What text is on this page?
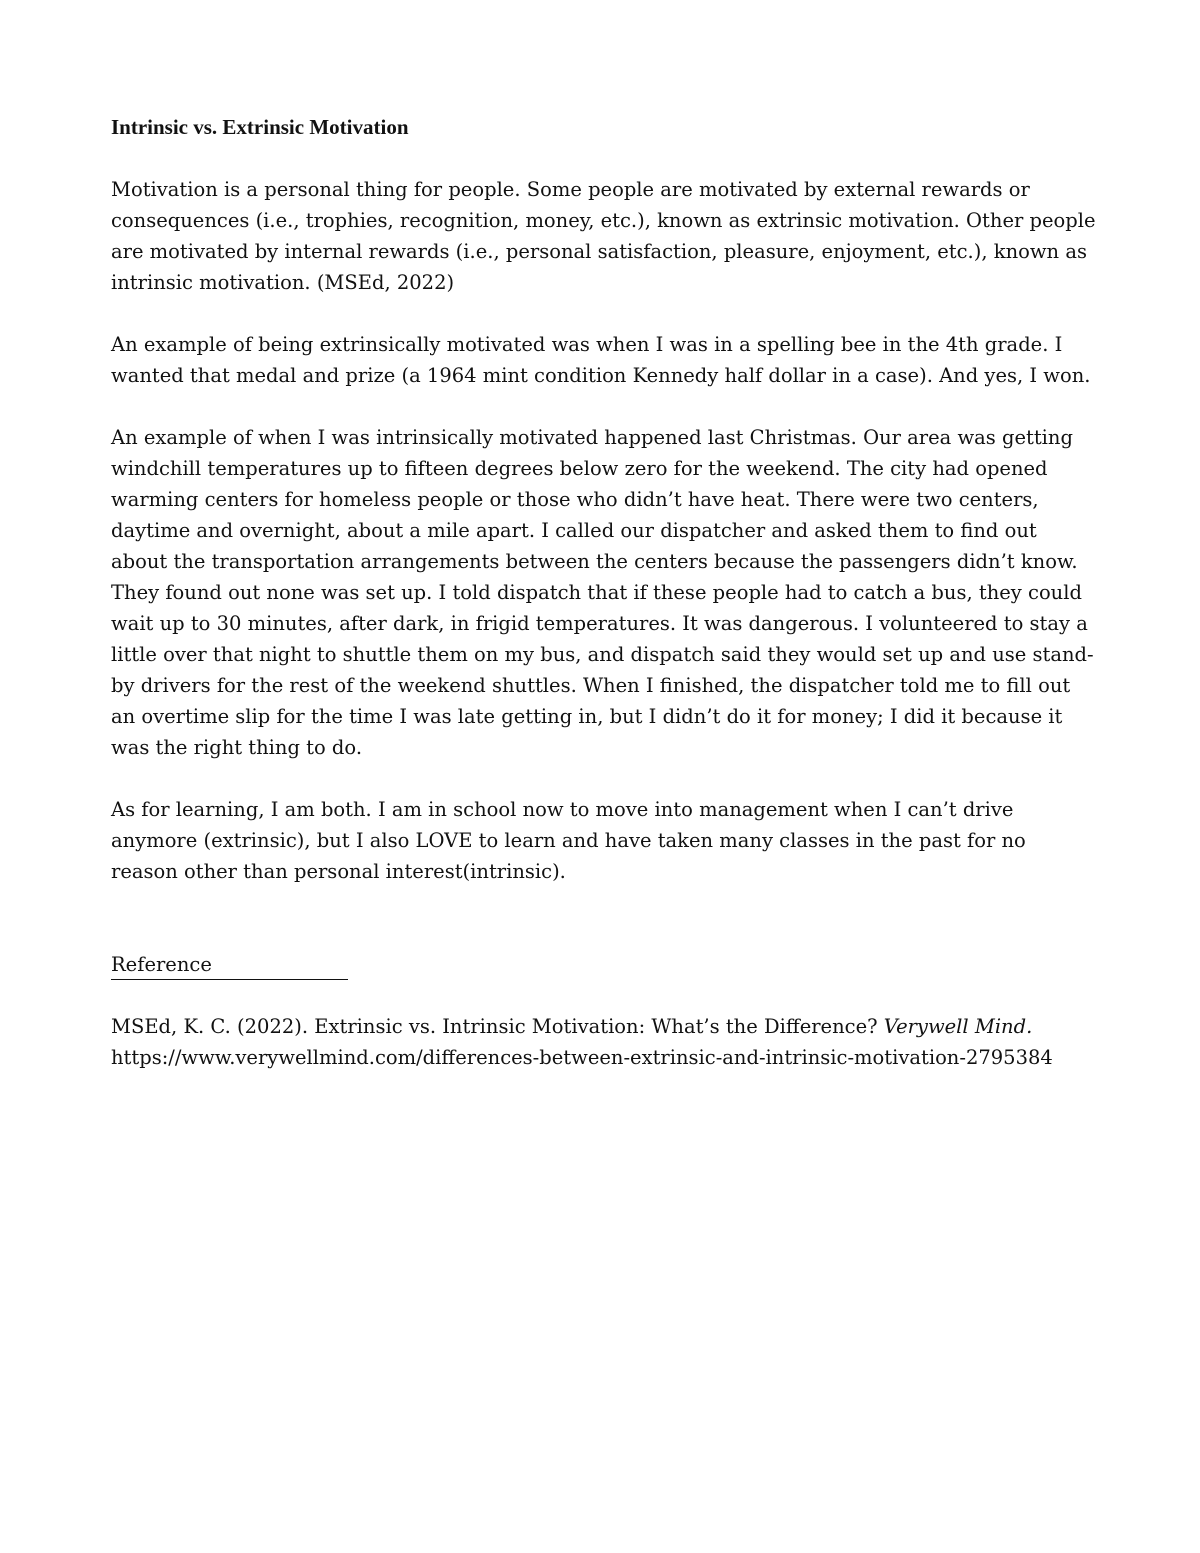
Intrinsic vs. Extrinsic Motivation

Motivation is a personal thing for people. Some people are motivated by external rewards or consequences (i.e., trophies, recognition, money, etc.), known as extrinsic motivation. Other people are motivated by internal rewards (i.e., personal satisfaction, pleasure, enjoyment, etc.), known as intrinsic motivation. (MSEd, 2022)

An example of being extrinsically motivated was when I was in a spelling bee in the 4th grade. I wanted that medal and prize (a 1964 mint condition Kennedy half dollar in a case). And yes, I won.

An example of when I was intrinsically motivated happened last Christmas. Our area was getting windchill temperatures up to fifteen degrees below zero for the weekend. The city had opened warming centers for homeless people or those who didn’t have heat. There were two centers, daytime and overnight, about a mile apart. I called our dispatcher and asked them to find out about the transportation arrangements between the centers because the passengers didn’t know. They found out none was set up. I told dispatch that if these people had to catch a bus, they could wait up to 30 minutes, after dark, in frigid temperatures. It was dangerous. I volunteered to stay a little over that night to shuttle them on my bus, and dispatch said they would set up and use stand-by drivers for the rest of the weekend shuttles. When I finished, the dispatcher told me to fill out an overtime slip for the time I was late getting in, but I didn’t do it for money; I did it because it was the right thing to do.

As for learning, I am both. I am in school now to move into management when I can’t drive anymore (extrinsic), but I also LOVE to learn and have taken many classes in the past for no reason other than personal interest(intrinsic).

Reference
MSEd, K. C. (2022). Extrinsic vs. Intrinsic Motivation: What’s the Difference? Verywell Mind.
https://www.verywellmind.com/differences-between-extrinsic-and-intrinsic-motivation-2795384
